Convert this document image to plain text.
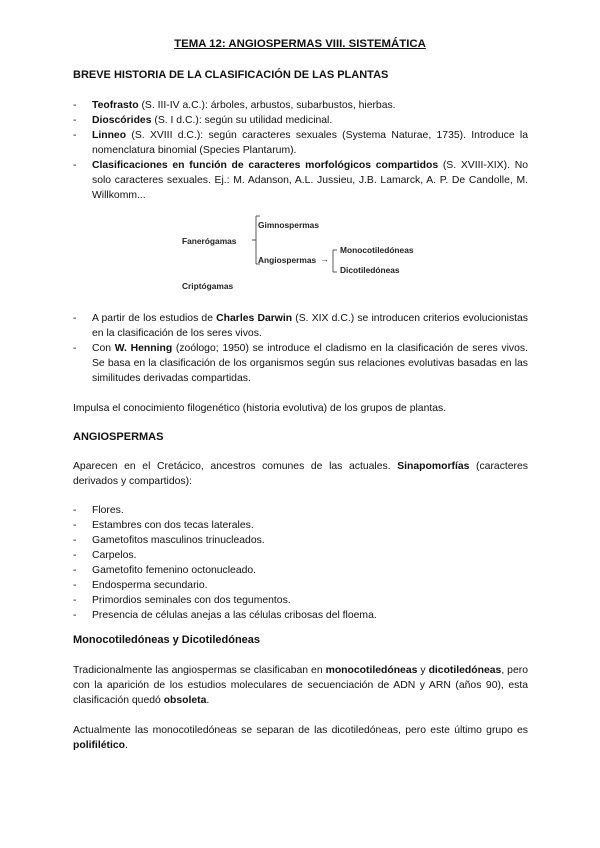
TEMA 12: ANGIOSPERMAS VIII. SISTEMÁTICA
BREVE HISTORIA DE LA CLASIFICACIÓN DE LAS PLANTAS
- Teofrasto (S. III-IV a.C.): árboles, arbustos, subarbustos, hierbas.
- Dioscórides (S. I d.C.): según su utilidad medicinal.
- Linneo (S. XVIII d.C.): según caracteres sexuales (Systema Naturae, 1735). Introduce la nomenclatura binomial (Species Plantarum).
- Clasificaciones en función de caracteres morfológicos compartidos (S. XVIII-XIX). No solo caracteres sexuales. Ej.: M. Adanson, A.L. Jussieu, J.B. Lamarck, A. P. De Candolle, M. Willkomm...
Gimnospermas
Fanerógamas
Angiospermas →
Monocotiledóneas
Dicotiledóneas
Criptógamas
- A partir de los estudios de Charles Darwin (S. XIX d.C.) se introducen criterios evolucionistas en la clasificación de los seres vivos.
- Con W. Henning (zoólogo; 1950) se introduce el cladismo en la clasificación de seres vivos. Se basa en la clasificación de los organismos según sus relaciones evolutivas basadas en las similitudes derivadas compartidas.
Impulsa el conocimiento filogenético (historia evolutiva) de los grupos de plantas.
ANGIOSPERMAS
Aparecen en el Cretácico, ancestros comunes de las actuales. Sinapomorfías (caracteres derivados y compartidos):
- Flores.
- Estambres con dos tecas laterales.
- Gametofitos masculinos trinucleados.
- Carpelos.
- Gametofito femenino octonucleado.
- Endosperma secundario.
- Primordios seminales con dos tegumentos.
- Presencia de células anejas a las células cribosas del floema.
Monocotiledóneas y Dicotiledóneas
Tradicionalmente las angiospermas se clasificaban en monocotiledóneas y dicotiledóneas, pero con la aparición de los estudios moleculares de secuenciación de ADN y ARN (años 90), esta clasificación quedó obsoleta.
Actualmente las monocotiledóneas se separan de las dicotiledóneas, pero este último grupo es polifilético.
